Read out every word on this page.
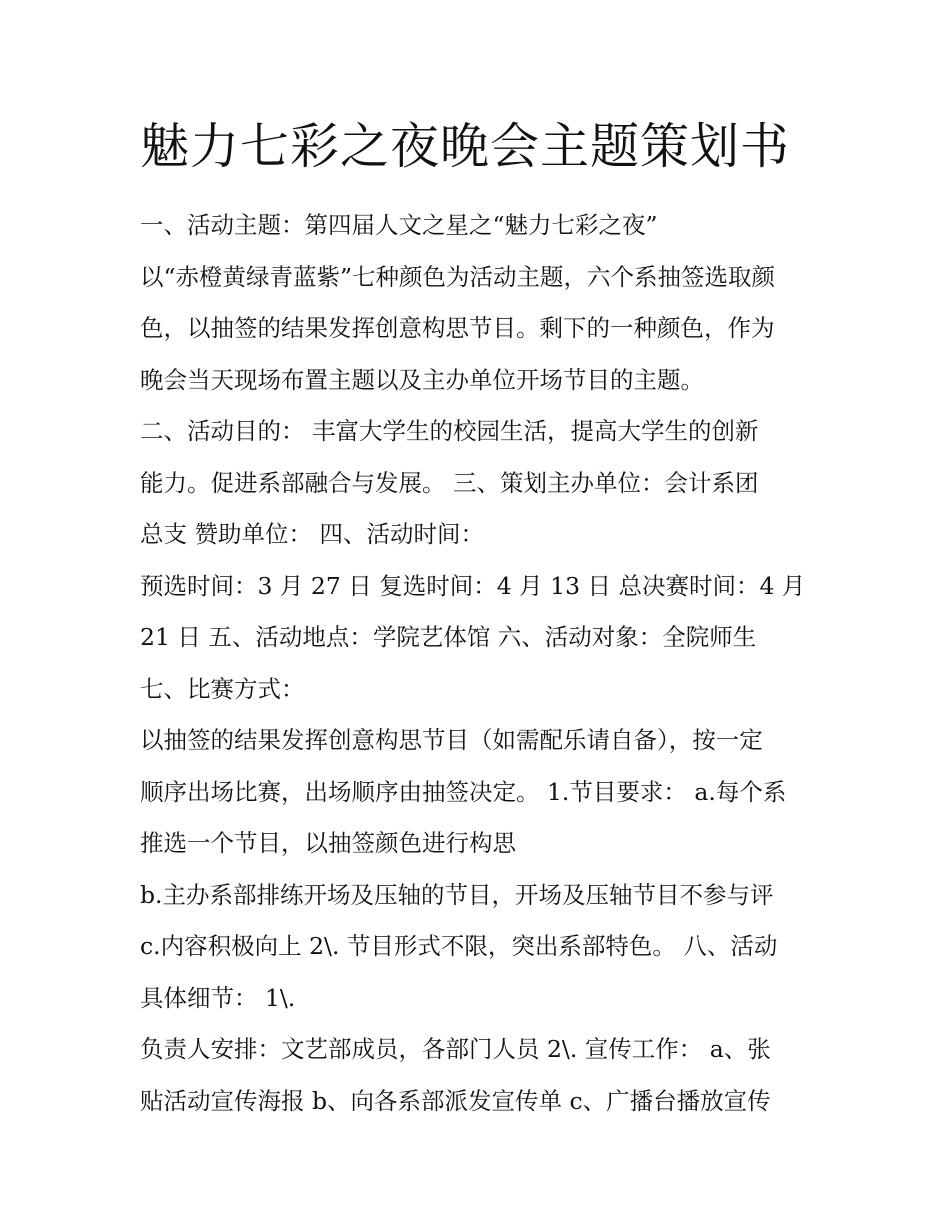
魅力七彩之夜晚会主题策划书
一、活动主题：第四届人文之星之“魅力七彩之夜”
以“赤橙黄绿青蓝紫”七种颜色为活动主题，六个系抽签选取颜
色，以抽签的结果发挥创意构思节目。剩下的一种颜色，作为
晚会当天现场布置主题以及主办单位开场节目的主题。
二、活动目的： 丰富大学生的校园生活，提高大学生的创新
能力。促进系部融合与发展。 三、策划主办单位：会计系团
总支 赞助单位： 四、活动时间：
预选时间：3 月 27 日 复选时间：4 月 13 日 总决赛时间：4 月
21 日 五、活动地点：学院艺体馆 六、活动对象：全院师生
七、比赛方式：
以抽签的结果发挥创意构思节目（如需配乐请自备），按一定
顺序出场比赛，出场顺序由抽签决定。 1.节目要求： a.每个系
推选一个节目，以抽签颜色进行构思
b.主办系部排练开场及压轴的节目，开场及压轴节目不参与评
c.内容积极向上 2\. 节目形式不限，突出系部特色。 八、活动
具体细节： 1\.
负责人安排：文艺部成员，各部门人员 2\. 宣传工作： a、张
贴活动宣传海报 b、向各系部派发宣传单 c、广播台播放宣传
